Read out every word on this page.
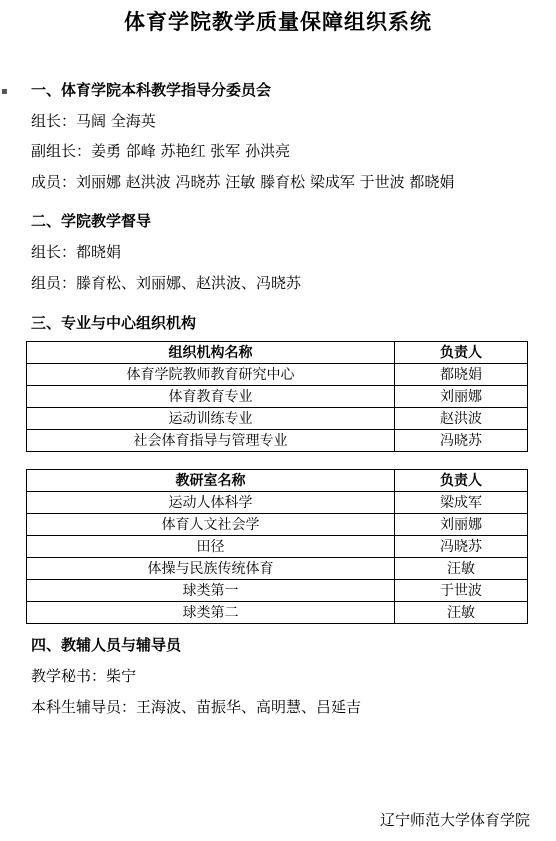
体育学院教学质量保障组织系统
▪ 一、体育学院本科教学指导分委员会
组长：马阔 全海英
副组长：姜勇 郃峰 苏艳红 张军 孙洪亮
成员：刘丽娜 赵洪波 冯晓苏 汪敏 滕育松 梁成军 于世波 都晓娟
二、学院教学督导
组长：都晓娟
组员：滕育松、刘丽娜、赵洪波、冯晓苏
三、专业与中心组织机构
组织机构名称	负责人
体育学院教师教育研究中心	都晓娟
体育教育专业	刘丽娜
运动训练专业	赵洪波
社会体育指导与管理专业	冯晓苏
教研室名称	负责人
运动人体科学	梁成军
体育人文社会学	刘丽娜
田径	冯晓苏
体操与民族传统体育	汪敏
球类第一	于世波
球类第二	汪敏
四、教辅人员与辅导员
教学秘书：柴宁
本科生辅导员：王海波、苗振华、高明慧、吕延吉
辽宁师范大学体育学院
